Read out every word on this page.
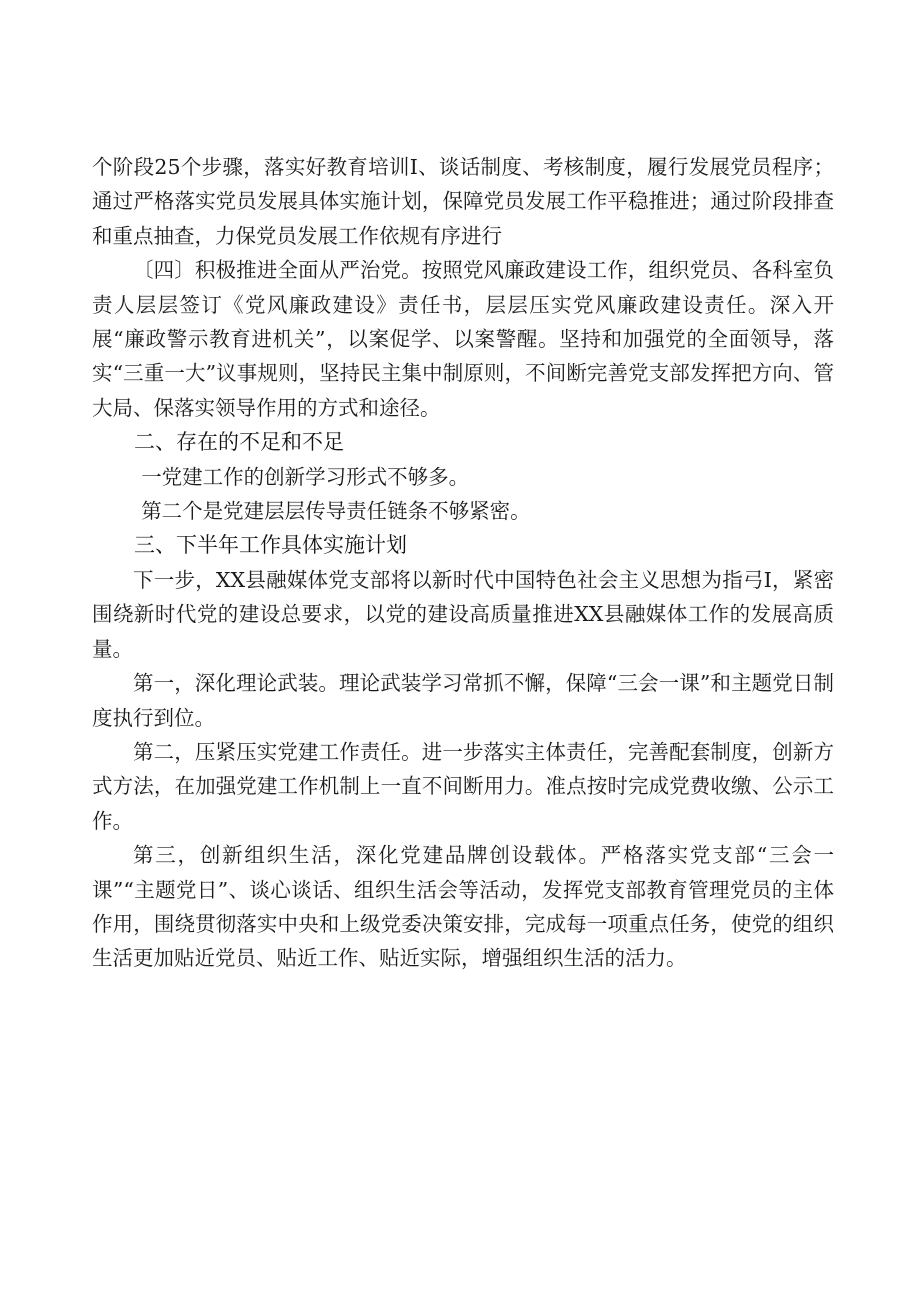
个阶段25个步骤，落实好教育培训I、谈话制度、考核制度，履行发展党员程序；通过严格落实党员发展具体实施计划，保障党员发展工作平稳推进；通过阶段排查和重点抽查，力保党员发展工作依规有序进行

〔四〕积极推进全面从严治党。按照党风廉政建设工作，组织党员、各科室负责人层层签订《党风廉政建设》责任书，层层压实党风廉政建设责任。深入开展“廉政警示教育进机关”，以案促学、以案警醒。坚持和加强党的全面领导，落实“三重一大”议事规则，坚持民主集中制原则，不间断完善党支部发挥把方向、管大局、保落实领导作用的方式和途径。

二、存在的不足和不足

一党建工作的创新学习形式不够多。

第二个是党建层层传导责任链条不够紧密。

三、下半年工作具体实施计划

下一步，XX县融媒体党支部将以新时代中国特色社会主义思想为指弓I，紧密围绕新时代党的建设总要求，以党的建设高质量推进XX县融媒体工作的发展高质量。

第一，深化理论武装。理论武装学习常抓不懈，保障“三会一课”和主题党日制度执行到位。

第二，压紧压实党建工作责任。进一步落实主体责任，完善配套制度，创新方式方法，在加强党建工作机制上一直不间断用力。准点按时完成党费收缴、公示工作。

第三，创新组织生活，深化党建品牌创设载体。严格落实党支部“三会一课”“主题党日”、谈心谈话、组织生活会等活动，发挥党支部教育管理党员的主体作用，围绕贯彻落实中央和上级党委决策安排，完成每一项重点任务，使党的组织生活更加贴近党员、贴近工作、贴近实际，增强组织生活的活力。
